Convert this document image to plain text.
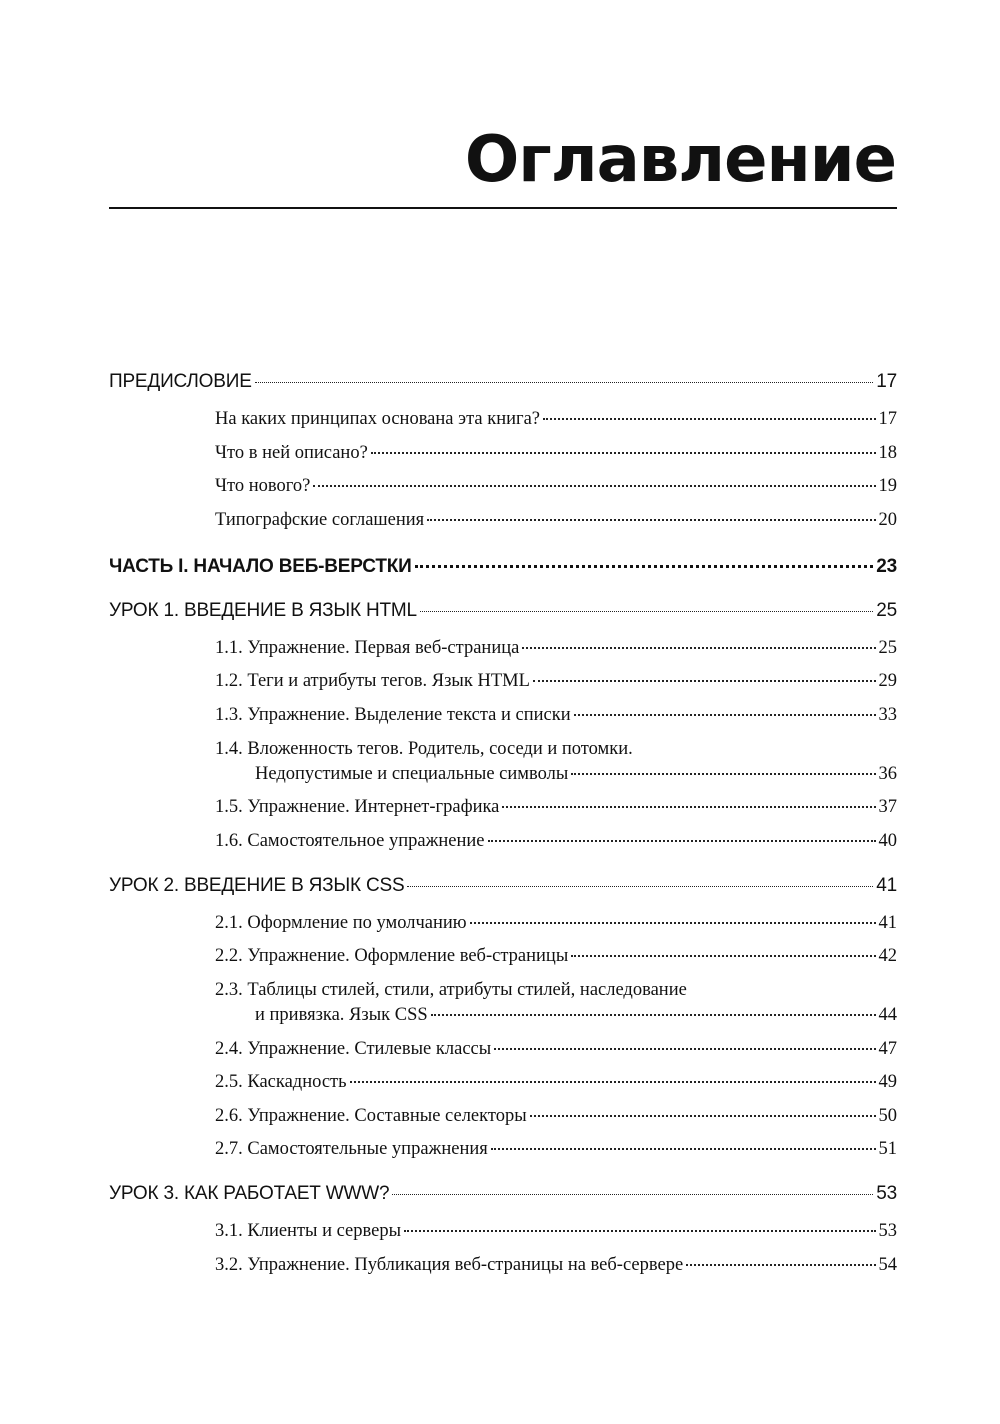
Оглавление
ПРЕДИСЛОВИЕ	17
На каких принципах основана эта книга?	17
Что в ней описано?	18
Что нового?	19
Типографские соглашения	20
ЧАСТЬ I. НАЧАЛО ВЕБ-ВЕРСТКИ	23
УРОК 1. ВВЕДЕНИЕ В ЯЗЫК HTML	25
1.1. Упражнение. Первая веб-страница	25
1.2. Теги и атрибуты тегов. Язык HTML	29
1.3. Упражнение. Выделение текста и списки	33
1.4. Вложенность тегов. Родитель, соседи и потомки.
Недопустимые и специальные символы	36
1.5. Упражнение. Интернет-графика	37
1.6. Самостоятельное упражнение	40
УРОК 2. ВВЕДЕНИЕ В ЯЗЫК CSS	41
2.1. Оформление по умолчанию	41
2.2. Упражнение. Оформление веб-страницы	42
2.3. Таблицы стилей, стили, атрибуты стилей, наследование
и привязка. Язык CSS	44
2.4. Упражнение. Стилевые классы	47
2.5. Каскадность	49
2.6. Упражнение. Составные селекторы	50
2.7. Самостоятельные упражнения	51
УРОК 3. КАК РАБОТАЕТ WWW?	53
3.1. Клиенты и серверы	53
3.2. Упражнение. Публикация веб-страницы на веб-сервере	54
